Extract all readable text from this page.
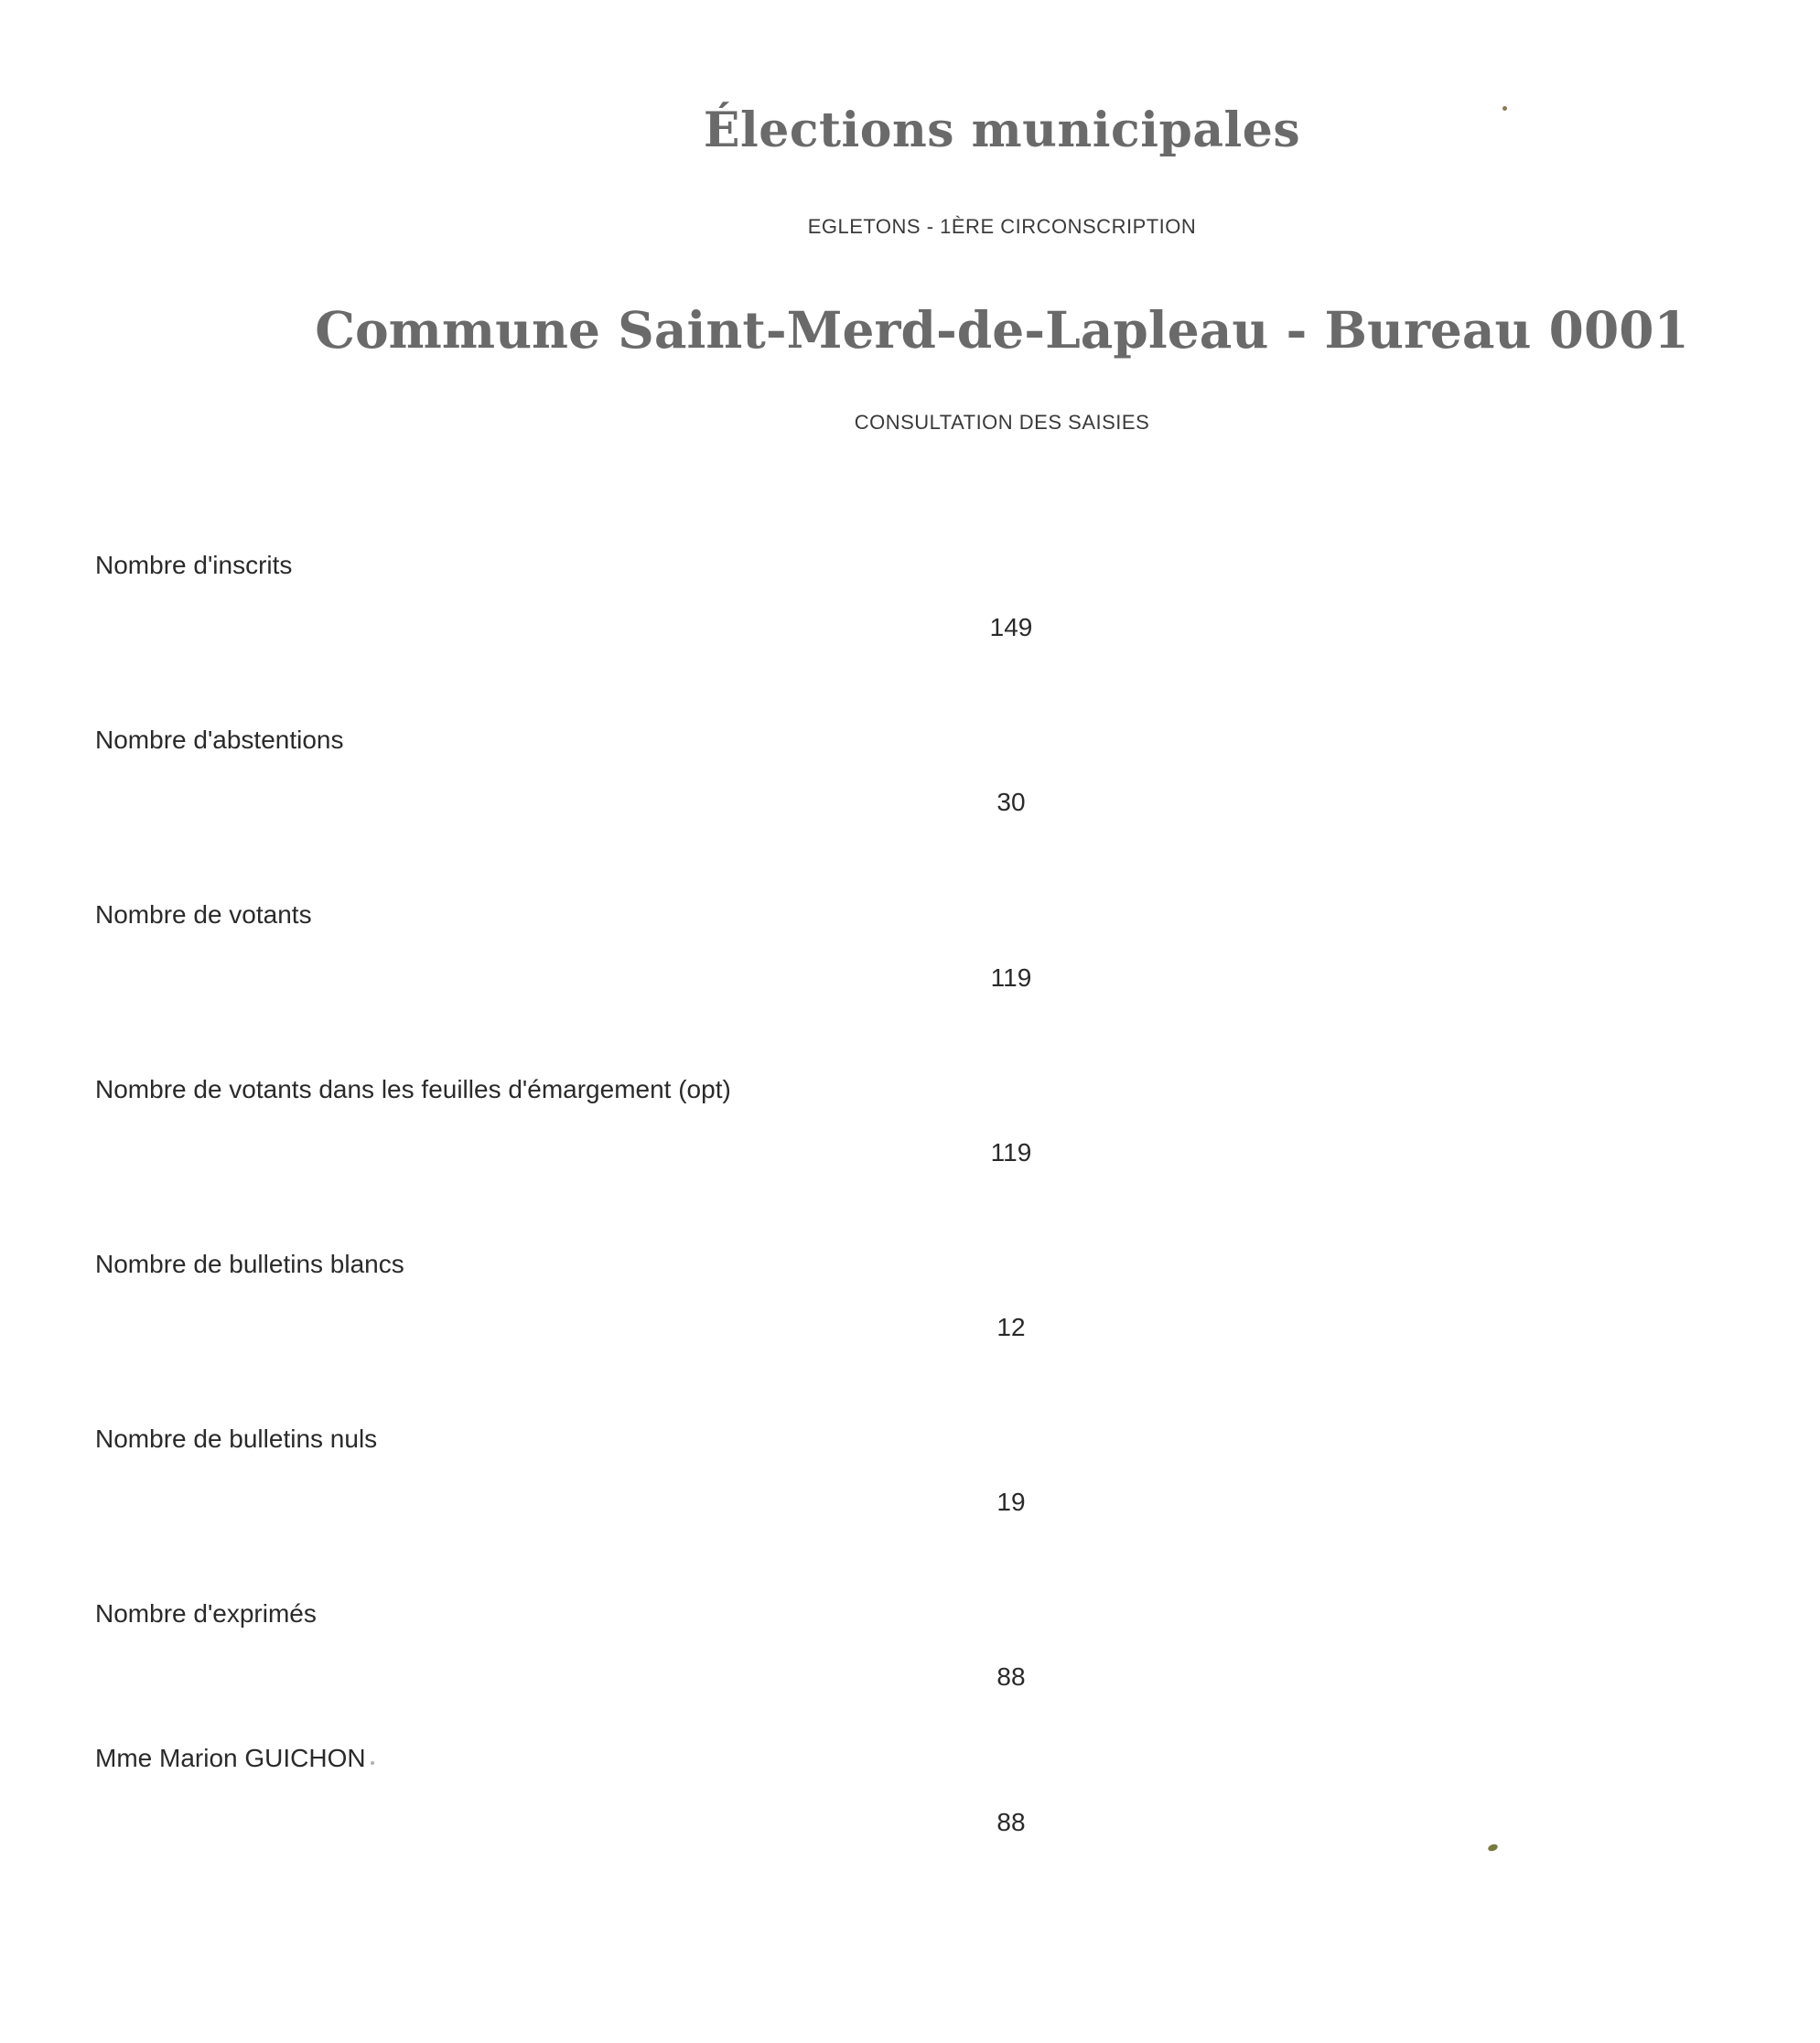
Élections municipales

EGLETONS - 1ÈRE CIRCONSCRIPTION

Commune Saint-Merd-de-Lapleau - Bureau 0001

CONSULTATION DES SAISIES

Nombre d'inscrits
149
Nombre d'abstentions
30
Nombre de votants
119
Nombre de votants dans les feuilles d'émargement (opt)
119
Nombre de bulletins blancs
12
Nombre de bulletins nuls
19
Nombre d'exprimés
88
Mme Marion GUICHON
88
